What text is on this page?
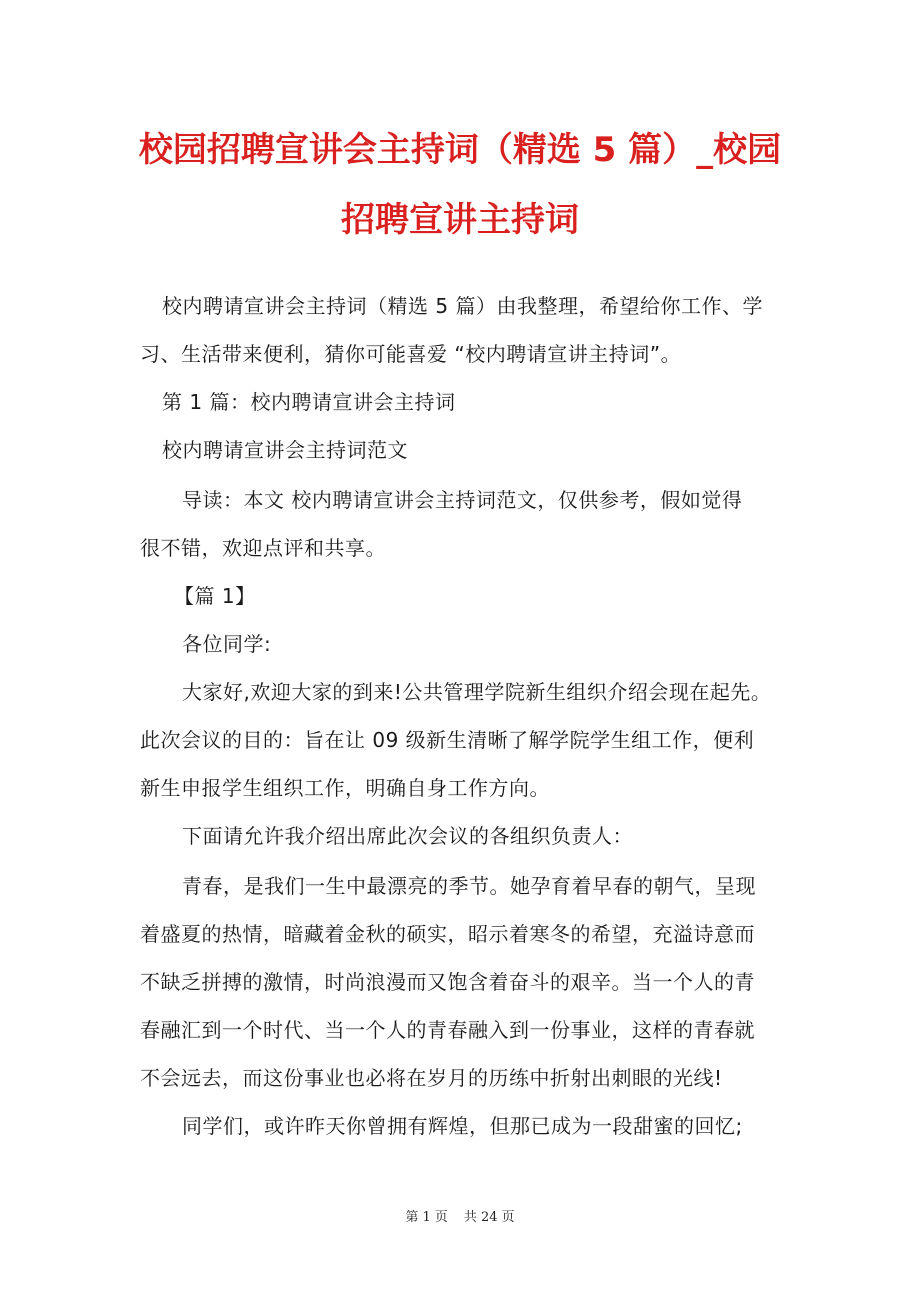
校园招聘宣讲会主持词（精选 5 篇）_校园
招聘宣讲主持词
校内聘请宣讲会主持词（精选 5 篇）由我整理，希望给你工作、学
习、生活带来便利，猜你可能喜爱 “校内聘请宣讲主持词”。
第 1 篇：校内聘请宣讲会主持词
校内聘请宣讲会主持词范文
导读：本文 校内聘请宣讲会主持词范文，仅供参考，假如觉得
很不错，欢迎点评和共享。
【篇 1】
各位同学:
大家好,欢迎大家的到来!公共管理学院新生组织介绍会现在起先。
此次会议的目的：旨在让 09 级新生清晰了解学院学生组工作，便利
新生申报学生组织工作，明确自身工作方向。
下面请允许我介绍出席此次会议的各组织负责人：
青春，是我们一生中最漂亮的季节。她孕育着早春的朝气，呈现
着盛夏的热情，暗藏着金秋的硕实，昭示着寒冬的希望，充溢诗意而
不缺乏拼搏的激情，时尚浪漫而又饱含着奋斗的艰辛。当一个人的青
春融汇到一个时代、当一个人的青春融入到一份事业，这样的青春就
不会远去，而这份事业也必将在岁月的历练中折射出刺眼的光线!
同学们，或许昨天你曾拥有辉煌，但那已成为一段甜蜜的回忆;
第 1 页 共 24 页
